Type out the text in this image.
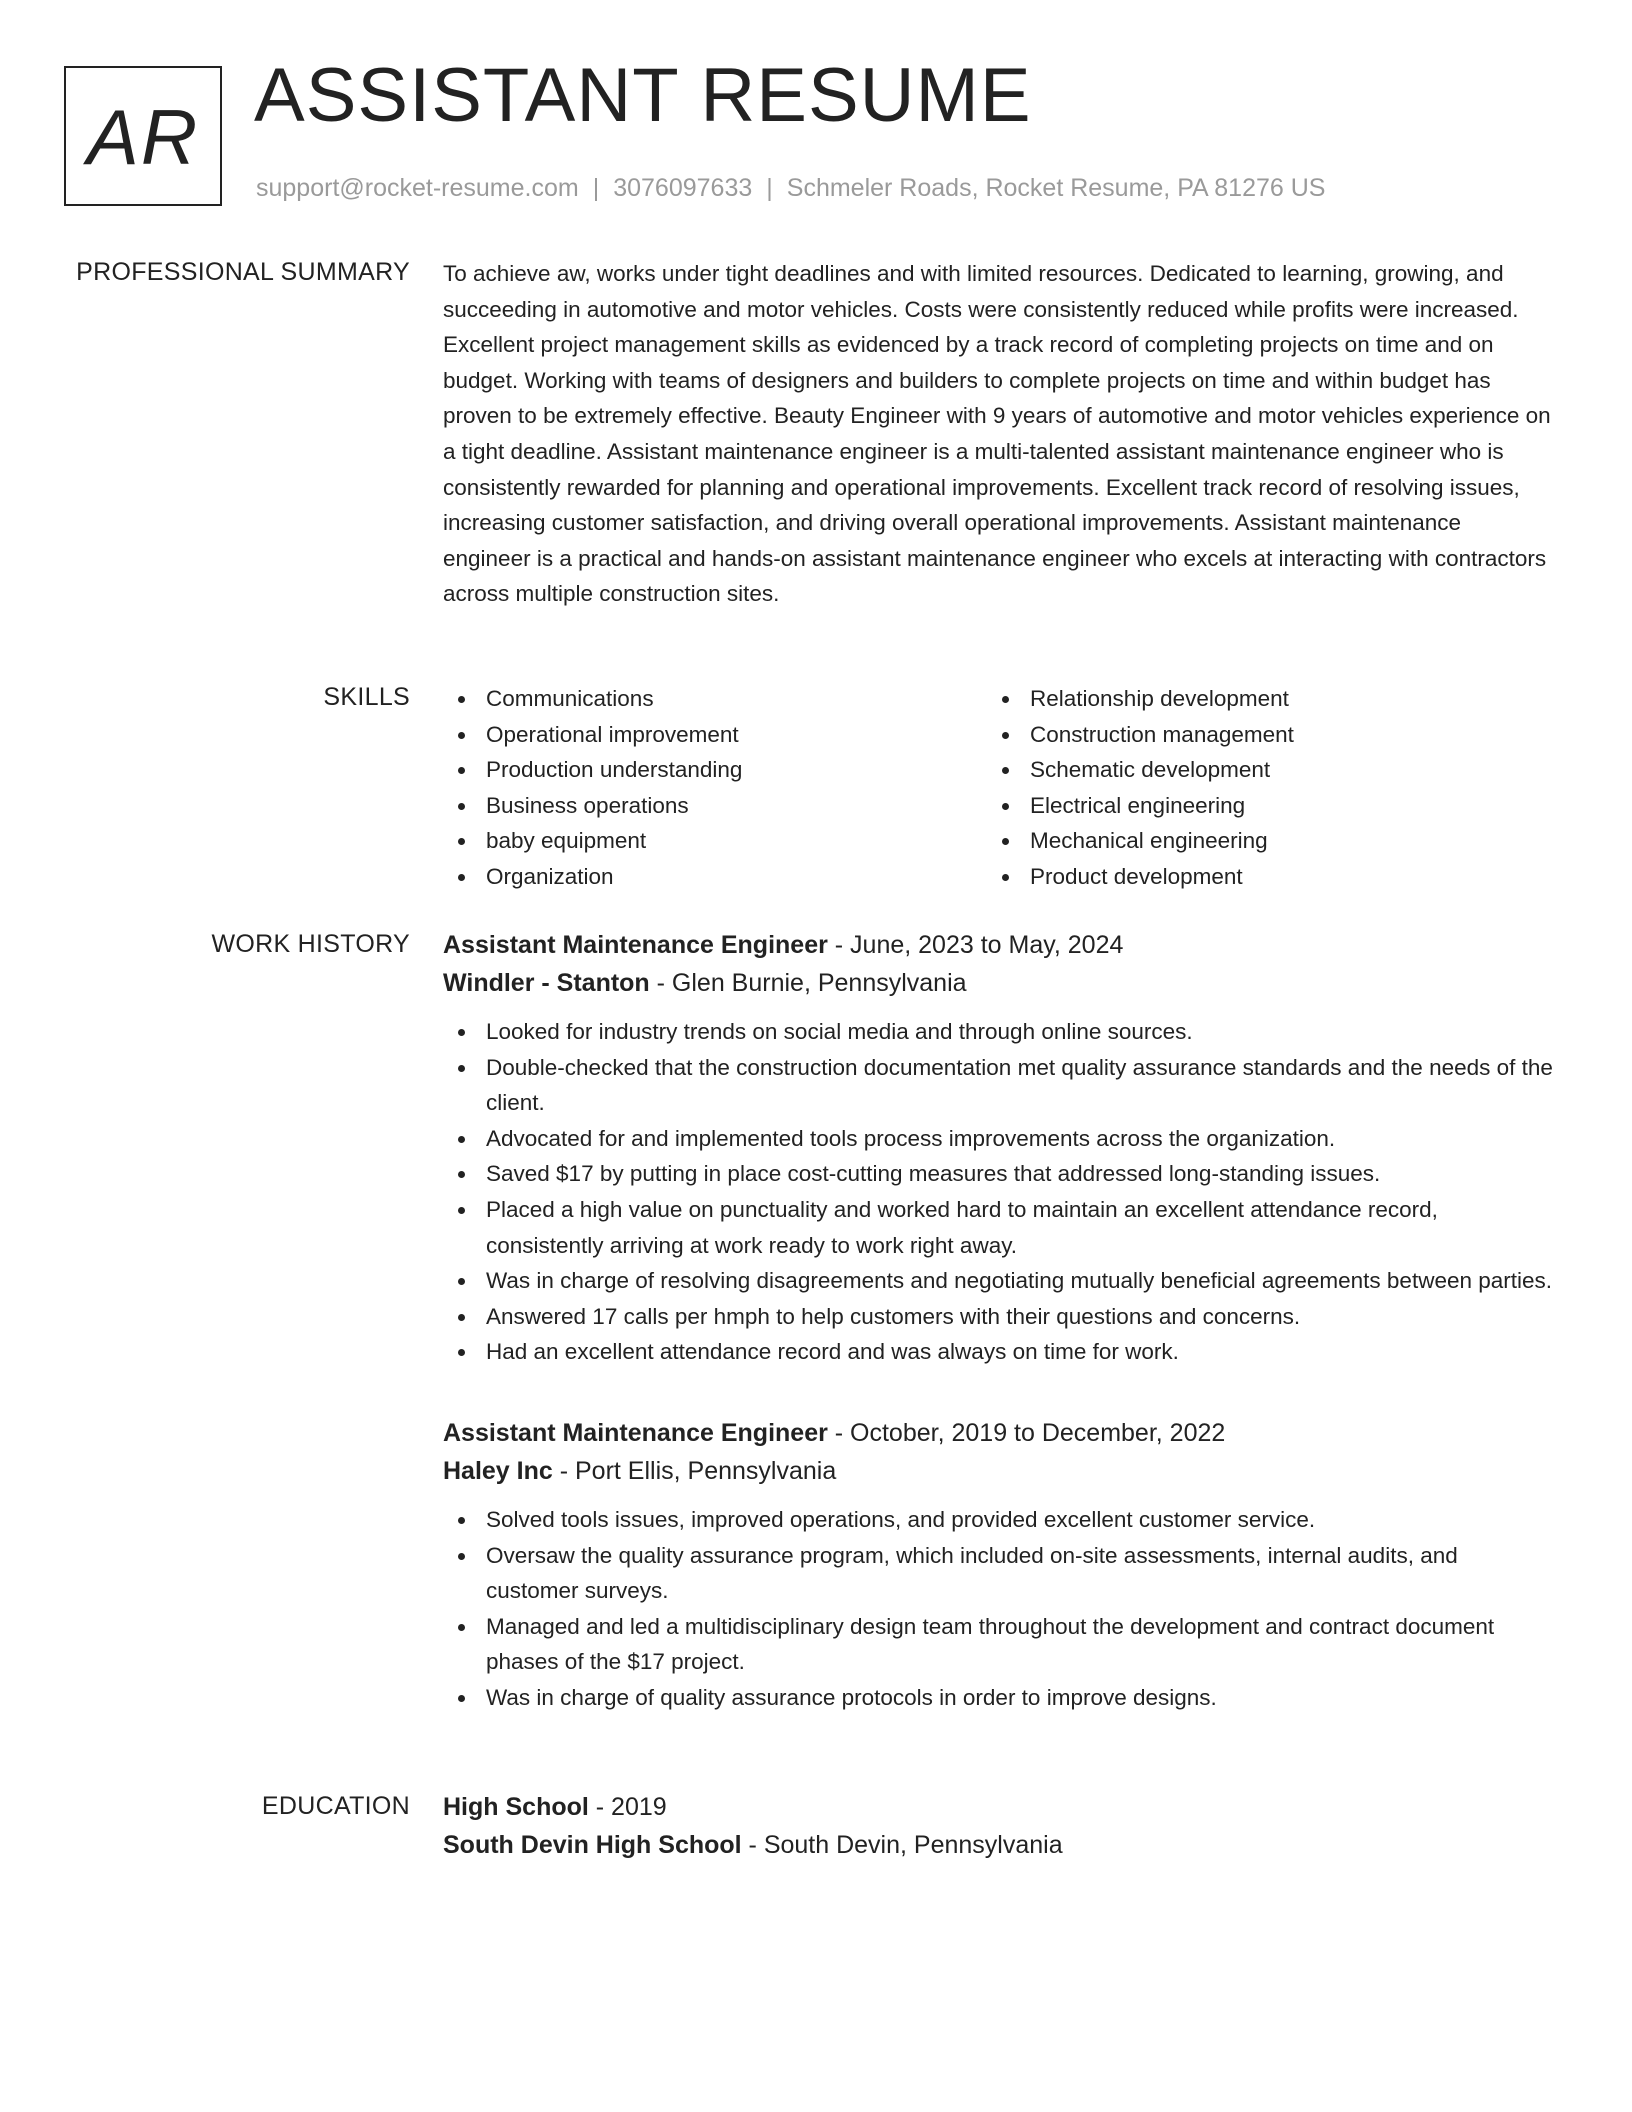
AR ASSISTANT RESUME
support@rocket-resume.com | 3076097633 | Schmeler Roads, Rocket Resume, PA 81276 US
PROFESSIONAL SUMMARY To achieve aw, works under tight deadlines and with limited resources. Dedicated to learning, growing, and succeeding in automotive and motor vehicles. Costs were consistently reduced while profits were increased. Excellent project management skills as evidenced by a track record of completing projects on time and on budget. Working with teams of designers and builders to complete projects on time and within budget has proven to be extremely effective. Beauty Engineer with 9 years of automotive and motor vehicles experience on a tight deadline. Assistant maintenance engineer is a multi-talented assistant maintenance engineer who is consistently rewarded for planning and operational improvements. Excellent track record of resolving issues, increasing customer satisfaction, and driving overall operational improvements. Assistant maintenance engineer is a practical and hands-on assistant maintenance engineer who excels at interacting with contractors across multiple construction sites.

SKILLS	Communications
Operational improvement
Production understanding
Business operations
baby equipment
Organization
Relationship development
Construction management
Schematic development
Electrical engineering
Mechanical engineering
Product development
WORK HISTORY Assistant Maintenance Engineer - June, 2023 to May, 2024
Windler - Stanton - Glen Burnie, Pennsylvania
Looked for industry trends on social media and through online sources.
Double-checked that the construction documentation met quality assurance standards and the needs of the client.
Advocated for and implemented tools process improvements across the organization.
Saved $17 by putting in place cost-cutting measures that addressed long-standing issues.
Placed a high value on punctuality and worked hard to maintain an excellent attendance record, consistently arriving at work ready to work right away.
Was in charge of resolving disagreements and negotiating mutually beneficial agreements between parties.
Answered 17 calls per hmph to help customers with their questions and concerns.
Had an excellent attendance record and was always on time for work.
Assistant Maintenance Engineer - October, 2019 to December, 2022
Haley Inc - Port Ellis, Pennsylvania
Solved tools issues, improved operations, and provided excellent customer service.
Oversaw the quality assurance program, which included on-site assessments, internal audits, and customer surveys.
Managed and led a multidisciplinary design team throughout the development and contract document phases of the $17 project.
Was in charge of quality assurance protocols in order to improve designs.
EDUCATION High School - 2019
South Devin High School - South Devin, Pennsylvania
